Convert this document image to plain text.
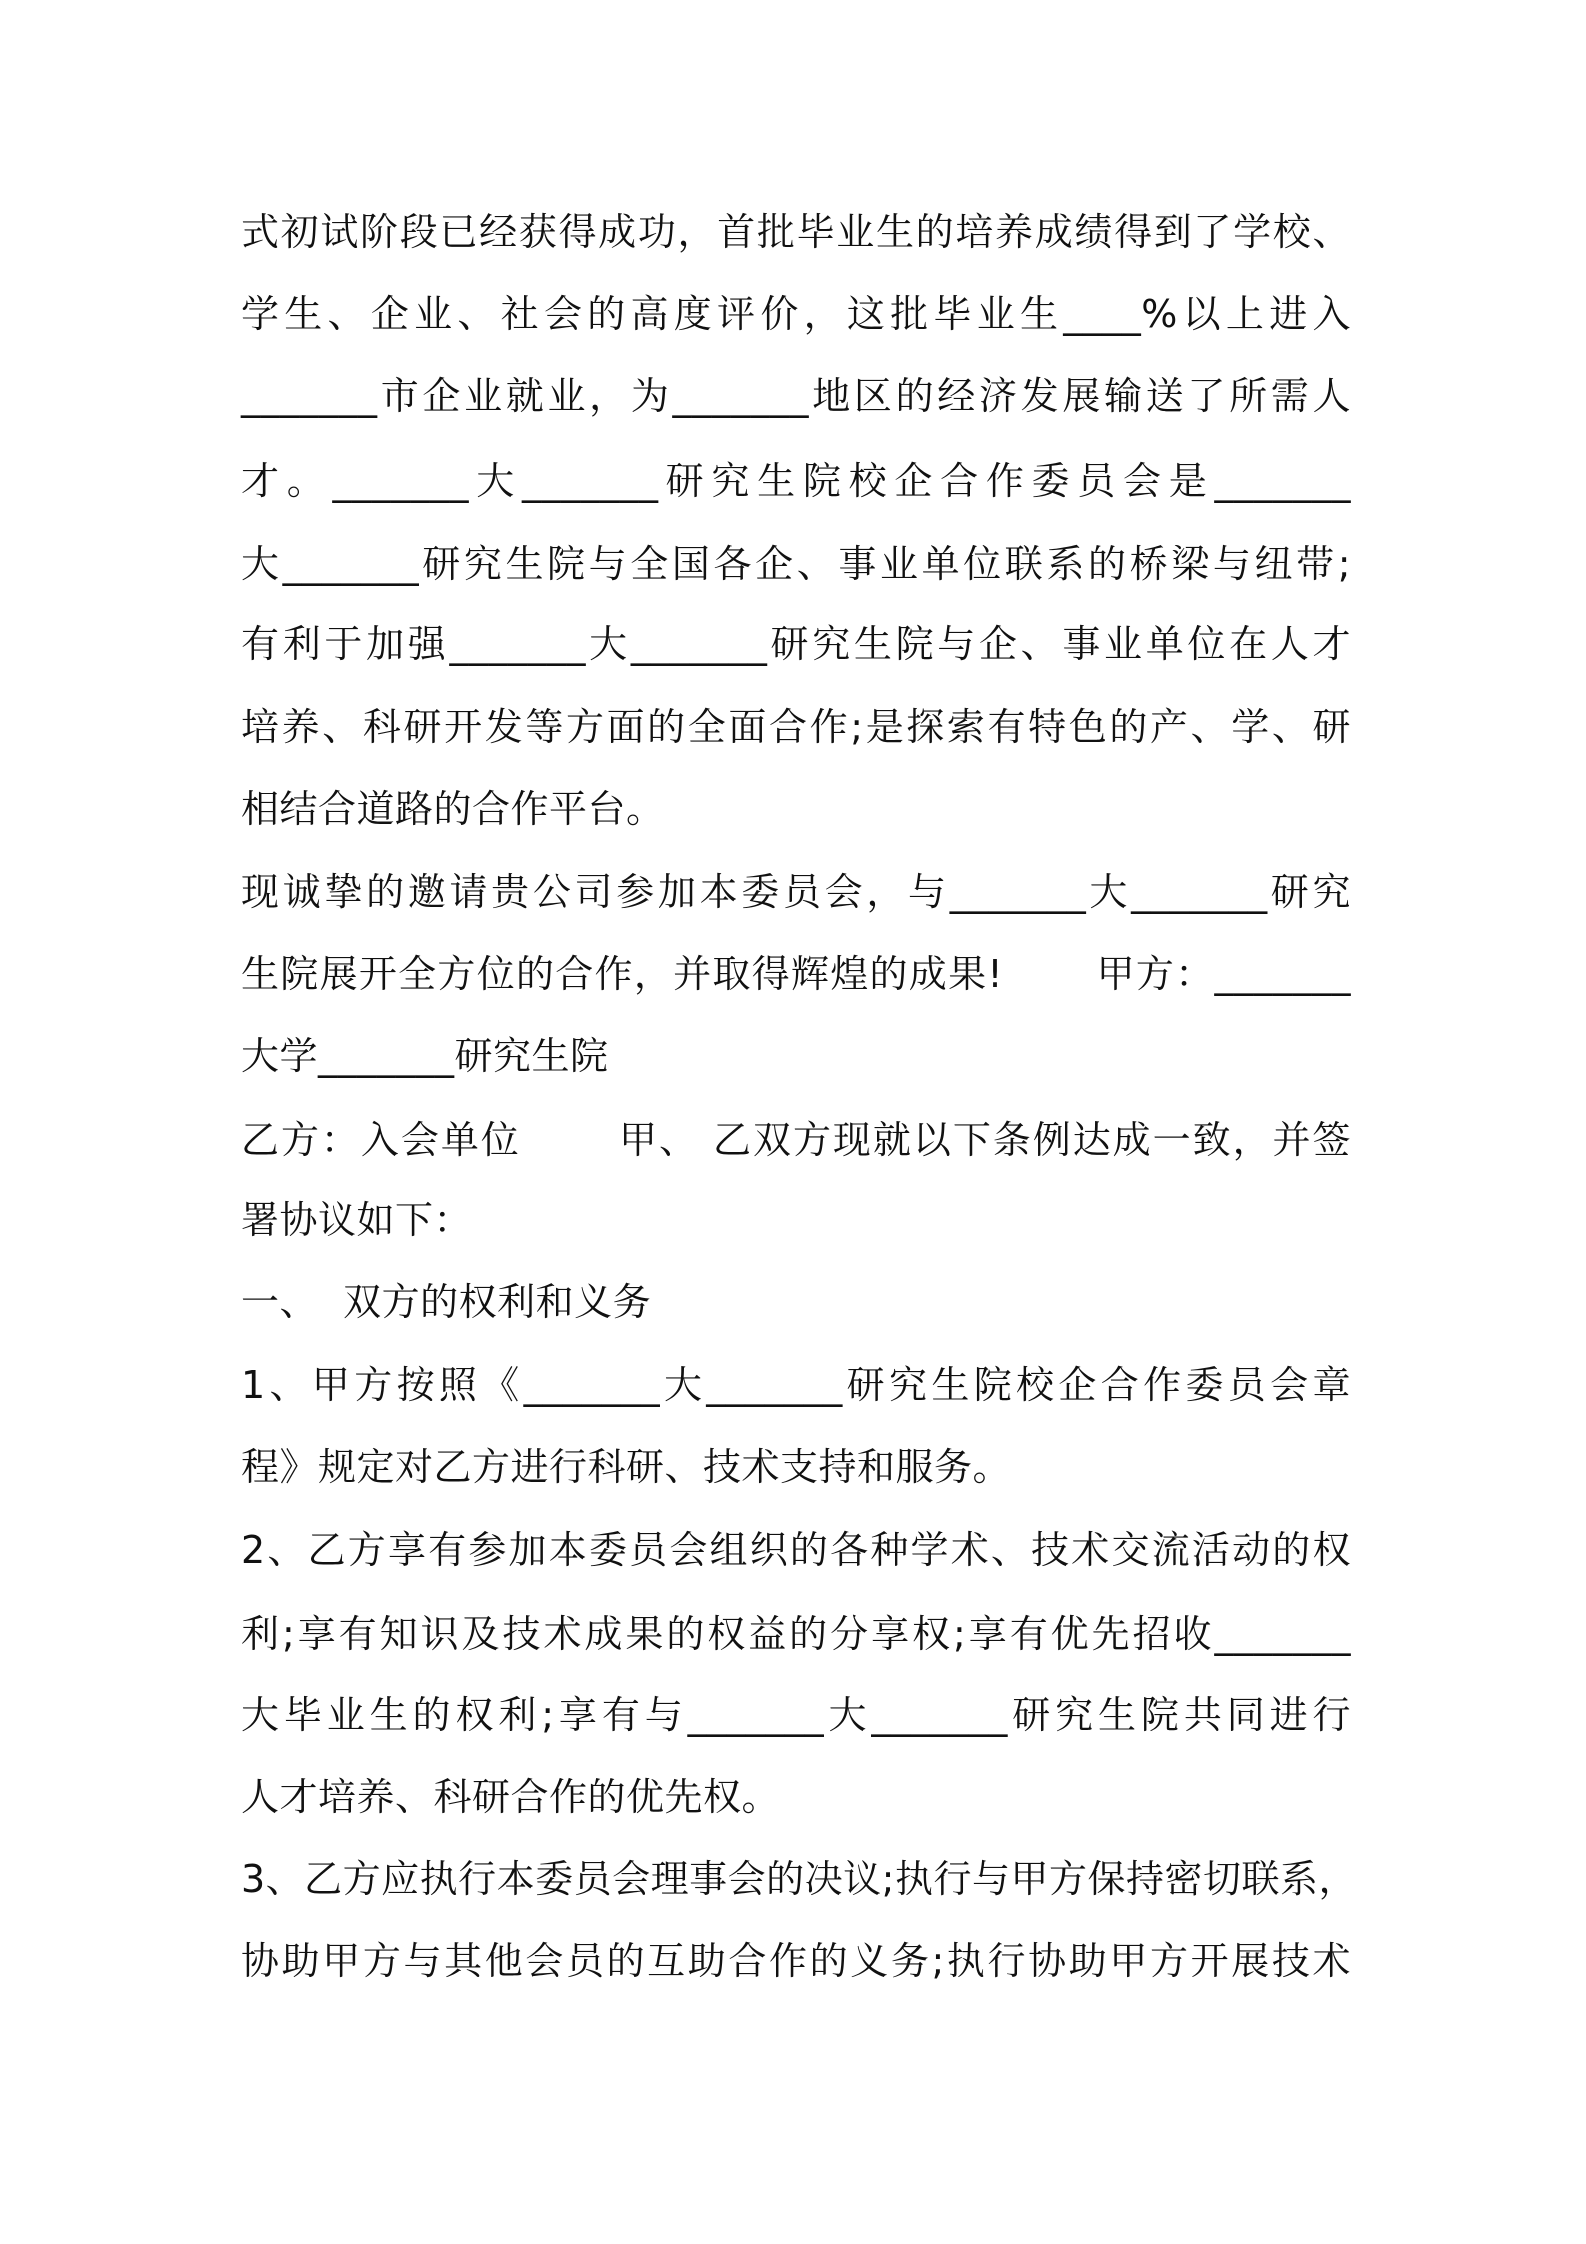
式初试阶段已经获得成功，首批毕业生的培养成绩得到了学校、
学生、企业、社会的高度评价，这批毕业生____%以上进入
_______市企业就业，为_______地区的经济发展输送了所需人
才。_______大_______研究生院校企合作委员会是_______
大_______研究生院与全国各企、事业单位联系的桥梁与纽带;
有利于加强_______大_______研究生院与企、事业单位在人才
培养、科研开发等方面的全面合作;是探索有特色的产、学、研
相结合道路的合作平台。
现诚挚的邀请贵公司参加本委员会，与_______大_______研究
生院展开全方位的合作，并取得辉煌的成果!       甲方：_______
大学_______研究生院
乙方：入会单位       甲、 乙双方现就以下条例达成一致，并签
署协议如下：
一、  双方的权利和义务
1、甲方按照《_______大_______研究生院校企合作委员会章
程》规定对乙方进行科研、技术支持和服务。
2、乙方享有参加本委员会组织的各种学术、技术交流活动的权
利;享有知识及技术成果的权益的分享权;享有优先招收_______
大毕业生的权利;享有与_______大_______研究生院共同进行
人才培养、科研合作的优先权。
3、乙方应执行本委员会理事会的决议;执行与甲方保持密切联系，
协助甲方与其他会员的互助合作的义务;执行协助甲方开展技术
